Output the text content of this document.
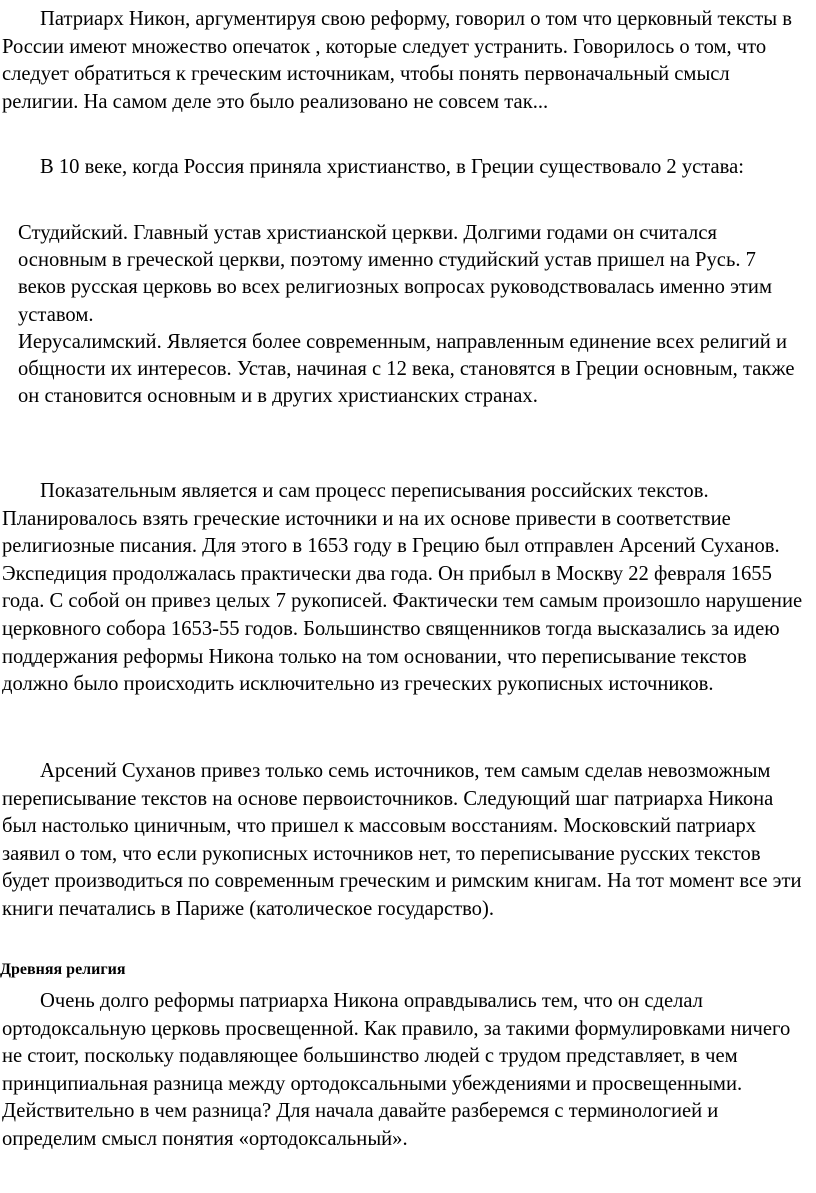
Патриарх Никон, аргументируя свою реформу, говорил о том что церковный тексты в России имеют множество опечаток , которые следует устранить. Говорилось о том, что следует обратиться к греческим источникам, чтобы понять первоначальный смысл религии. На самом деле это было реализовано не совсем так...

В 10 веке, когда Россия приняла христианство, в Греции существовало 2 устава:

Студийский. Главный устав христианской церкви. Долгими годами он считался основным в греческой церкви, поэтому именно студийский устав пришел на Русь. 7 веков русская церковь во всех религиозных вопросах руководствовалась именно этим уставом.
Иерусалимский. Является более современным, направленным единение всех религий и общности их интересов. Устав, начиная с 12 века, становятся в Греции основным, также он становится основным и в других христианских странах.

Показательным является и сам процесс переписывания российских текстов. Планировалось взять греческие источники и на их основе привести в соответствие религиозные писания. Для этого в 1653 году в Грецию был отправлен Арсений Суханов. Экспедиция продолжалась практически два года. Он прибыл в Москву 22 февраля 1655 года. С собой он привез целых 7 рукописей. Фактически тем самым произошло нарушение церковного собора 1653-55 годов. Большинство священников тогда высказались за идею поддержания реформы Никона только на том основании, что переписывание текстов должно было происходить исключительно из греческих рукописных источников.

Арсений Суханов привез только семь источников, тем самым сделав невозможным переписывание текстов на основе первоисточников. Следующий шаг патриарха Никона был настолько циничным, что пришел к массовым восстаниям. Московский патриарх заявил о том, что если рукописных источников нет, то переписывание русских текстов будет производиться по современным греческим и римским книгам. На тот момент все эти книги печатались в Париже (католическое государство).

Древняя религия

Очень долго реформы патриарха Никона оправдывались тем, что он сделал ортодоксальную церковь просвещенной. Как правило, за такими формулировками ничего не стоит, поскольку подавляющее большинство людей с трудом представляет, в чем принципиальная разница между ортодоксальными убеждениями и просвещенными. Действительно в чем разница? Для начала давайте разберемся с терминологией и определим смысл понятия «ортодоксальный».
